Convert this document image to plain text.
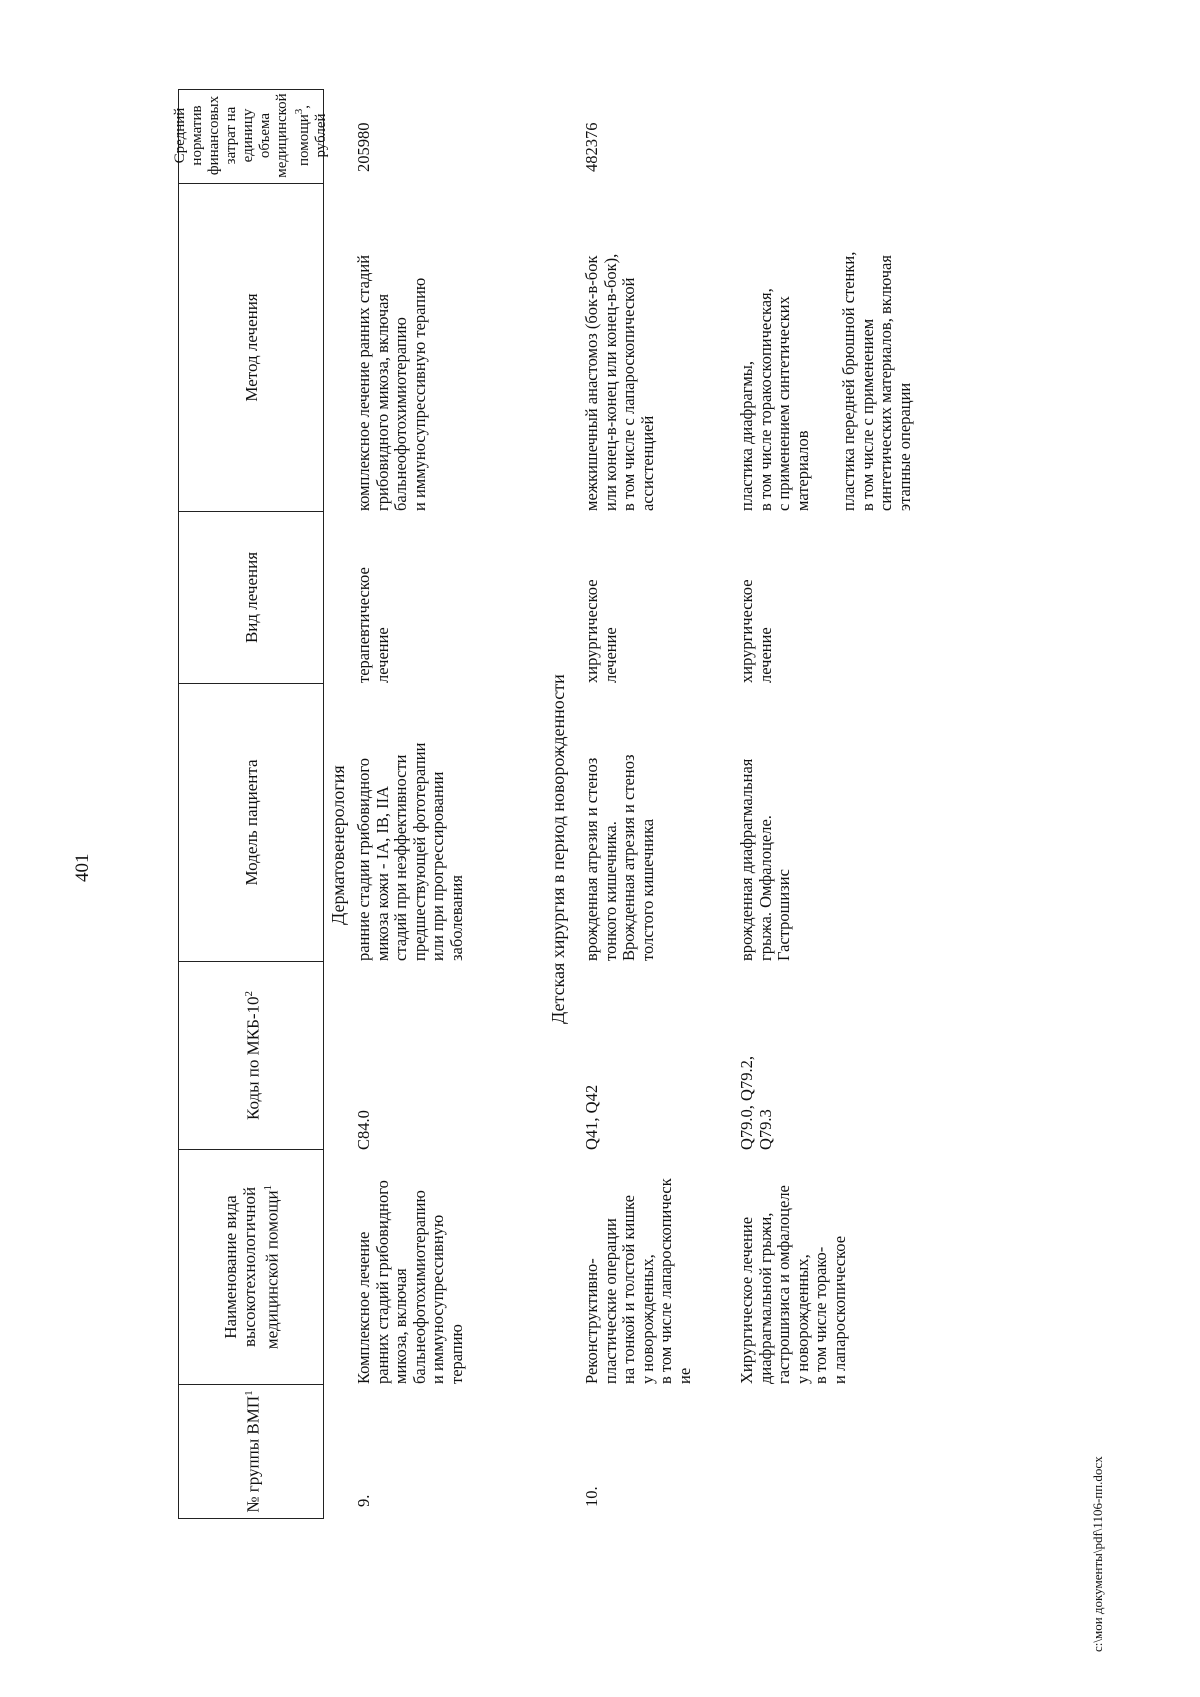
401
№ группы ВМП$^1$
Наименование вида высокотехнологичной медицинской помощи$^1$
Коды по МКБ-$10^2$
Модель пациента
Вид лечения
Метод лечения
Средний норматив финансовых затрат на единицу объема медицинской помощи$^3$, рублей
Дерматовенерология
9.
Комплексное лечение ранних стадий грибовидного микоза, включая бальнеофотохимиотерапию и иммуносупрессивную терапию
C84.0
ранние стадии грибовидного микоза кожи - IA, IB, IIA стадий при неэффективности предшествующей фототерапии или при прогрессировании заболевания
терапевтическое лечение
комплексное лечение ранних стадий грибовидного микоза, включая бальнеофотохимиотерапию и иммуносупрессивную терапию
205980
Детская хирургия в период новорожденности
10.
Реконструктивно- пластические операции на тонкой и толстой кишке у новорожденных, в том числе лапароскопическ ие
Q41, Q42
врожденная атрезия и стеноз тонкого кишечника. Врожденная атрезия и стеноз толстого кишечника
хирургическое лечение
межкишечный анастомоз (бок-в-бок или конец-в-конец или конец-в-бок), в том числе с лапароскопической ассистенцией
482376
Хирургическое лечение диафрагмальной грыжи, гастрошизиса и омфалоцеле у новорожденных, в том числе торако- и лапароскопическое
Q79.0, Q79.2, Q79.3
врожденная диафрагмальная грыжа. Омфалоцеле. Гастрошизис
хирургическое лечение
пластика диафрагмы, в том числе торакоскопическая, с применением синтетических материалов пластика передней брюшной стенки, в том числе с применением синтетических материалов, включая этапные операции
c:\мои документы\pdf\1106-пп.docx
